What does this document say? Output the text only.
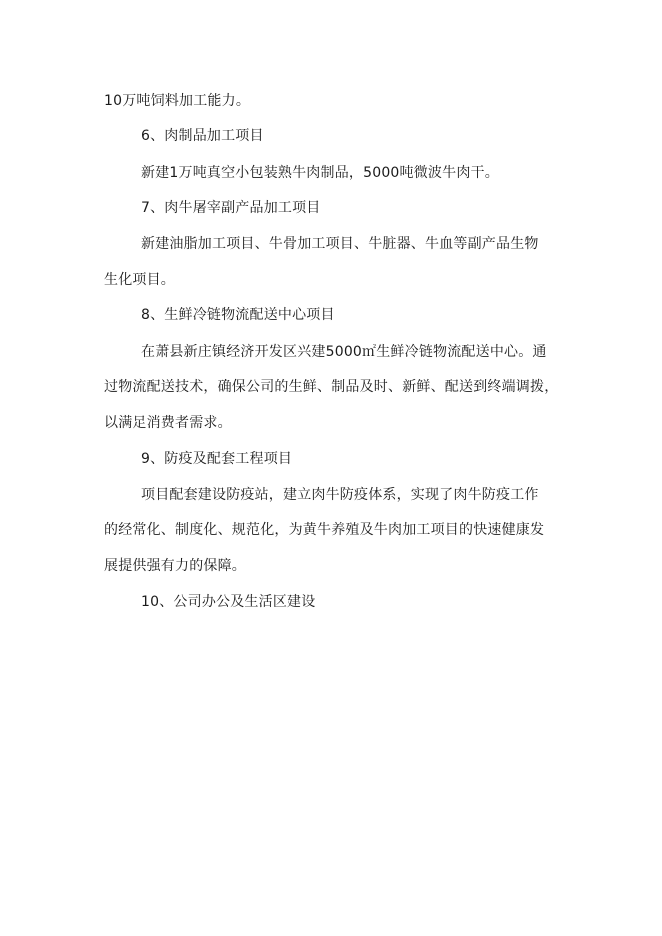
10万吨饲料加工能力。
6、肉制品加工项目
新建1万吨真空小包装熟牛肉制品，5000吨微波牛肉干。
7、肉牛屠宰副产品加工项目
新建油脂加工项目、牛骨加工项目、牛脏器、牛血等副产品生物
生化项目。
8、生鲜冷链物流配送中心项目
在萧县新庄镇经济开发区兴建5000㎡生鲜冷链物流配送中心。通
过物流配送技术，确保公司的生鲜、制品及时、新鲜、配送到终端调拨，
以满足消费者需求。
9、防疫及配套工程项目
项目配套建设防疫站，建立肉牛防疫体系，实现了肉牛防疫工作
的经常化、制度化、规范化，为黄牛养殖及牛肉加工项目的快速健康发
展提供强有力的保障。
10、公司办公及生活区建设
